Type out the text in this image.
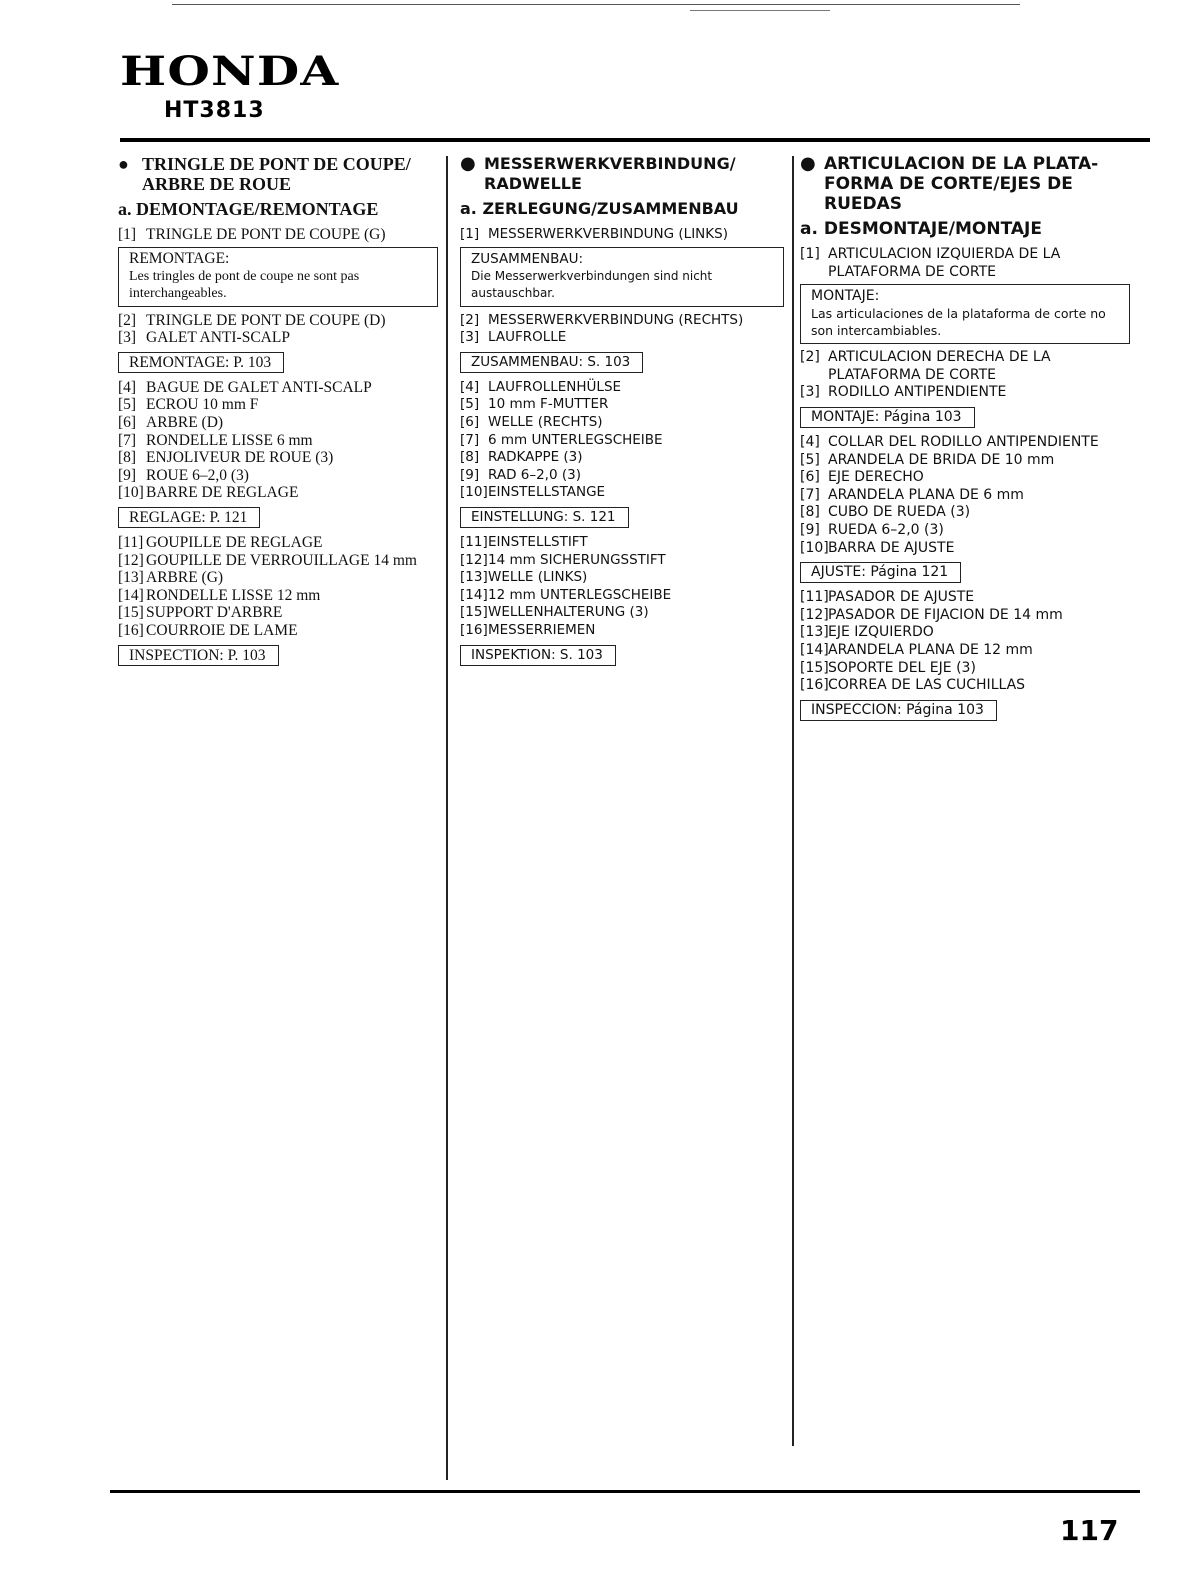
HONDA
HT3813
● TRINGLE DE PONT DE COUPE/ ARBRE DE ROUE
a. DEMONTAGE/REMONTAGE
[1] TRINGLE DE PONT DE COUPE (G)
REMONTAGE:
Les tringles de pont de coupe ne sont pas interchangeables.
[2] TRINGLE DE PONT DE COUPE (D)
[3] GALET ANTI-SCALP
REMONTAGE: P. 103
[4] BAGUE DE GALET ANTI-SCALP
[5] ECROU 10 mm F
[6] ARBRE (D)
[7] RONDELLE LISSE 6 mm
[8] ENJOLIVEUR DE ROUE (3)
[9] ROUE 6–2,0 (3)
[10] BARRE DE REGLAGE
REGLAGE: P. 121
[11] GOUPILLE DE REGLAGE
[12] GOUPILLE DE VERROUILLAGE 14 mm
[13] ARBRE (G)
[14] RONDELLE LISSE 12 mm
[15] SUPPORT D'ARBRE
[16] COURROIE DE LAME
INSPECTION: P. 103
● MESSERWERKVERBINDUNG/ RADWELLE
a. ZERLEGUNG/ZUSAMMENBAU
[1] MESSERWERKVERBINDUNG (LINKS)
ZUSAMMENBAU:
Die Messerwerkverbindungen sind nicht austauschbar.
[2] MESSERWERKVERBINDUNG (RECHTS)
[3] LAUFROLLE
ZUSAMMENBAU: S. 103
[4] LAUFROLLENHÜLSE
[5] 10 mm F-MUTTER
[6] WELLE (RECHTS)
[7] 6 mm UNTERLEGSCHEIBE
[8] RADKAPPE (3)
[9] RAD 6–2,0 (3)
[10] EINSTELLSTANGE
EINSTELLUNG: S. 121
[11] EINSTELLSTIFT
[12] 14 mm SICHERUNGSSTIFT
[13] WELLE (LINKS)
[14] 12 mm UNTERLEGSCHEIBE
[15] WELLENHALTERUNG (3)
[16] MESSERRIEMEN
INSPEKTION: S. 103
● ARTICULACION DE LA PLATA- FORMA DE CORTE/EJES DE RUEDAS
a. DESMONTAJE/MONTAJE
[1] ARTICULACION IZQUIERDA DE LA PLATAFORMA DE CORTE
MONTAJE:
Las articulaciones de la plataforma de corte no son intercambiables.
[2] ARTICULACION DERECHA DE LA PLATAFORMA DE CORTE
[3] RODILLO ANTIPENDIENTE
MONTAJE: Página 103
[4] COLLAR DEL RODILLO ANTIPENDIENTE
[5] ARANDELA DE BRIDA DE 10 mm
[6] EJE DERECHO
[7] ARANDELA PLANA DE 6 mm
[8] CUBO DE RUEDA (3)
[9] RUEDA 6–2,0 (3)
[10] BARRA DE AJUSTE
AJUSTE: Página 121
[11] PASADOR DE AJUSTE
[12] PASADOR DE FIJACION DE 14 mm
[13] EJE IZQUIERDO
[14] ARANDELA PLANA DE 12 mm
[15] SOPORTE DEL EJE (3)
[16] CORREA DE LAS CUCHILLAS
INSPECCION: Página 103
117
